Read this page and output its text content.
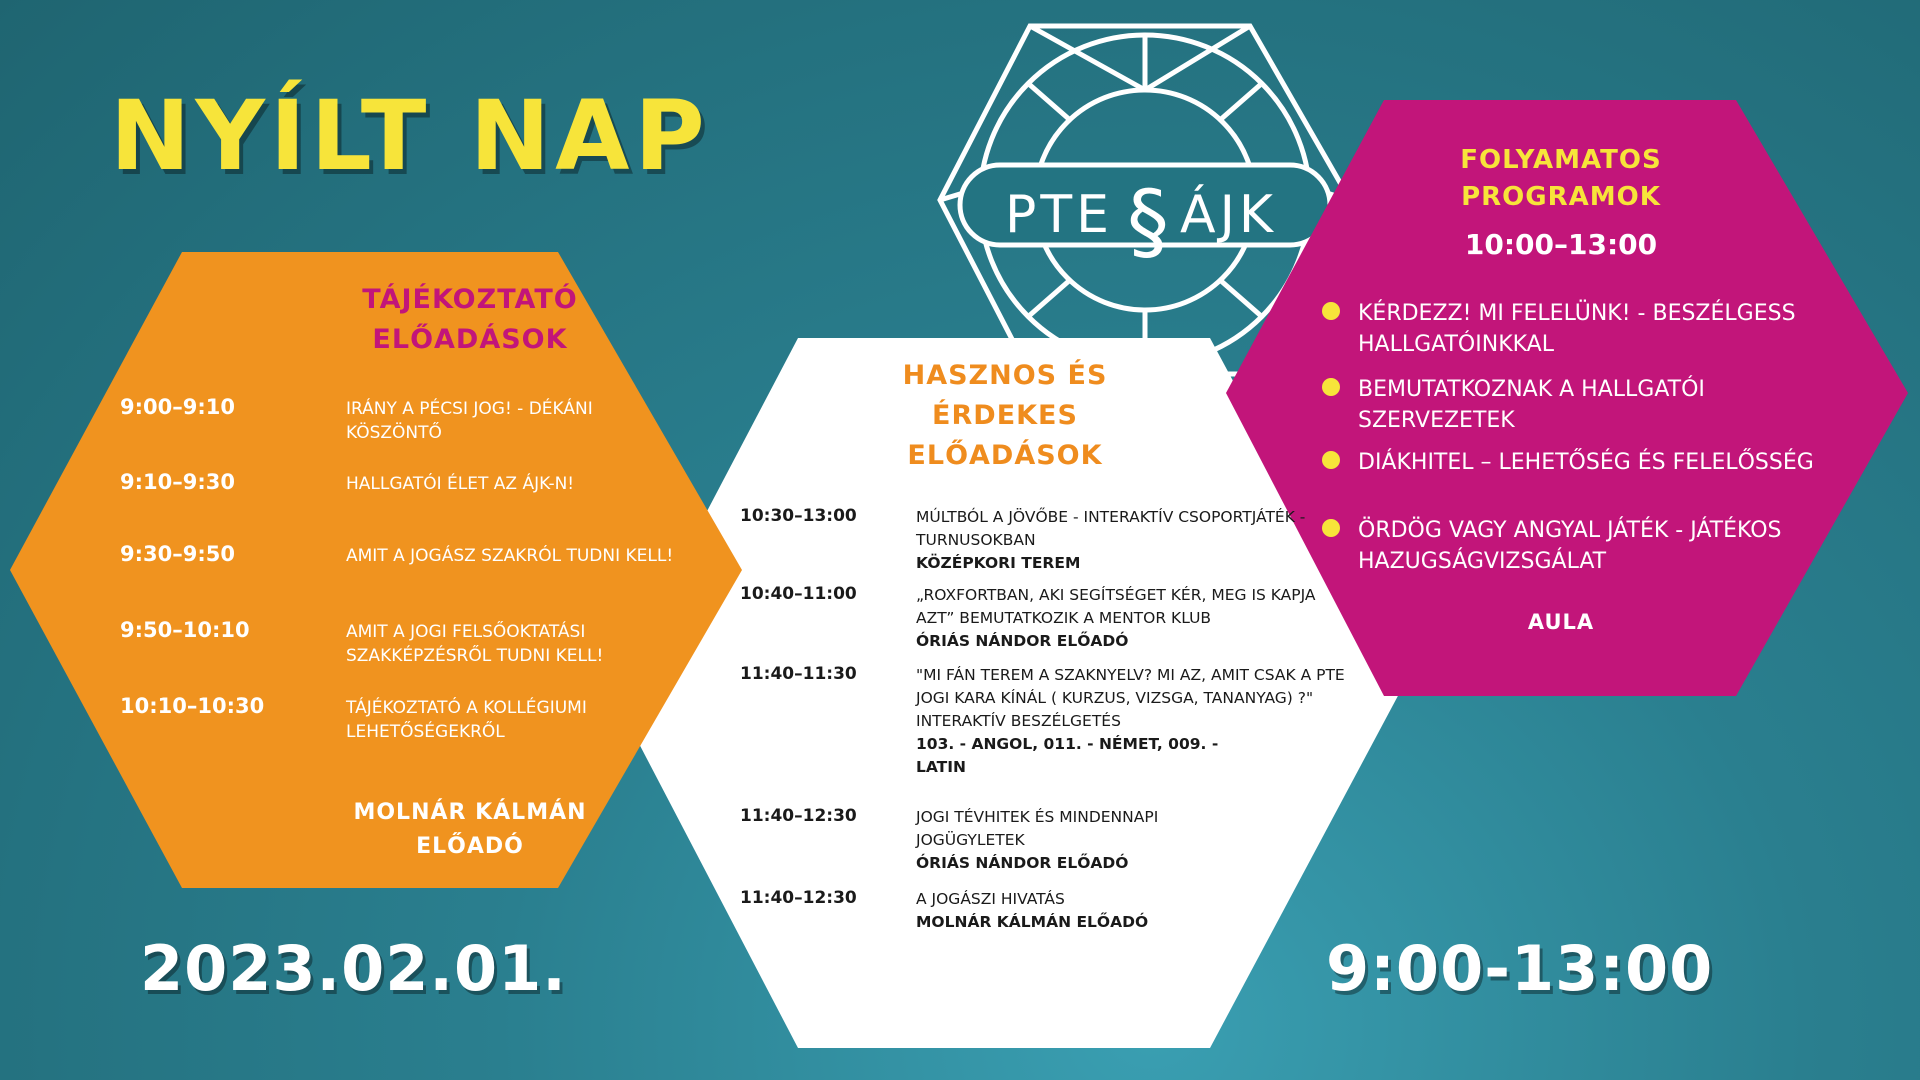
PTE § ÁJK
NYÍLT NAP
TÁJÉKOZTATÓ
ELŐADÁSOK
9:00–9:10	IRÁNY A PÉCSI JOG! - DÉKÁNI KÖSZÖNTŐ
9:10–9:30	HALLGATÓI ÉLET AZ ÁJK-N!
9:30–9:50	AMIT A JOGÁSZ SZAKRÓL TUDNI KELL!
9:50–10:10	AMIT A JOGI FELSŐOKTATÁSI SZAKKÉPZÉSRŐL TUDNI KELL!
10:10–10:30	TÁJÉKOZTATÓ A KOLLÉGIUMI LEHETŐSÉGEKRŐL
MOLNÁR KÁLMÁN
ELŐADÓ
HASZNOS ÉS
ÉRDEKES
ELŐADÁSOK
10:30–13:00	MÚLTBÓL A JÖVŐBE - INTERAKTÍV CSOPORTJÁTÉK - TURNUSOKBAN
KÖZÉPKORI TEREM
10:40–11:00	„ROXFORTBAN, AKI SEGÍTSÉGET KÉR, MEG IS KAPJA AZT” BEMUTATKOZIK A MENTOR KLUB
ÓRIÁS NÁNDOR ELŐADÓ
11:40–11:30	"MI FÁN TEREM A SZAKNYELV? MI AZ, AMIT CSAK A PTE JOGI KARA KÍNÁL ( KURZUS, VIZSGA, TANANYAG) ?" INTERAKTÍV BESZÉLGETÉS
103. - ANGOL, 011. - NÉMET, 009. - LATIN
11:40–12:30	JOGI TÉVHITEK ÉS MINDENNAPI JOGÜGYLETEK
ÓRIÁS NÁNDOR ELŐADÓ
11:40–12:30	A JOGÁSZI HIVATÁS
MOLNÁR KÁLMÁN ELŐADÓ
FOLYAMATOS
PROGRAMOK
10:00–13:00
KÉRDEZZ! MI FELELÜNK! - BESZÉLGESS HALLGATÓINKKAL
BEMUTATKOZNAK A HALLGATÓI SZERVEZETEK
DIÁKHITEL – LEHETŐSÉG ÉS FELELŐSSÉG
ÖRDÖG VAGY ANGYAL JÁTÉK - JÁTÉKOS HAZUGSÁGVIZSGÁLAT
AULA
2023.02.01.	9:00-13:00
